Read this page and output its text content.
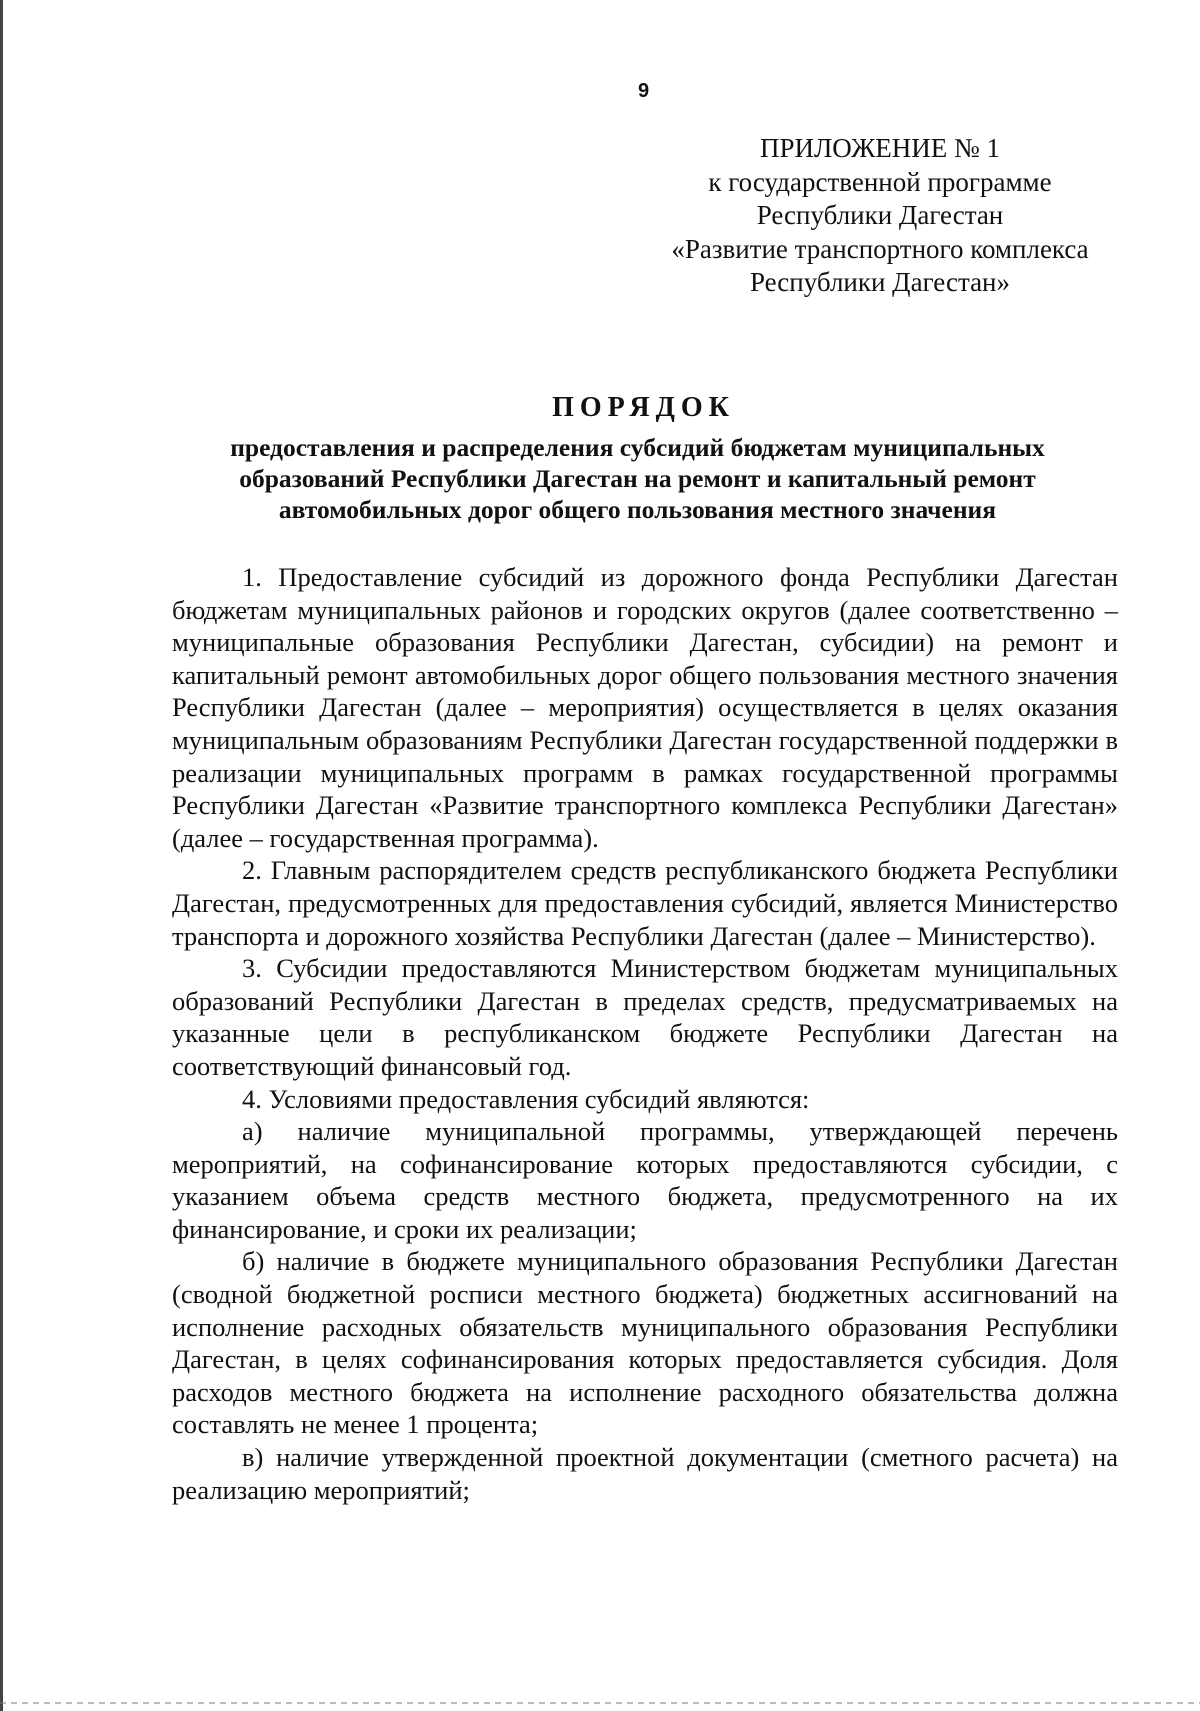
9
ПРИЛОЖЕНИЕ № 1
к государственной программе
Республики Дагестан
«Развитие транспортного комплекса
Республики Дагестан»
ПОРЯДОК
предоставления и распределения субсидий бюджетам муниципальных
образований Республики Дагестан на ремонт и капитальный ремонт
автомобильных дорог общего пользования местного значения

1. Предоставление субсидий из дорожного фонда Республики Дагестан бюджетам муниципальных районов и городских округов (далее соответственно – муниципальные образования Республики Дагестан, субсидии) на ремонт и капитальный ремонт автомобильных дорог общего пользования местного значения Республики Дагестан (далее – мероприятия) осуществляется в целях оказания муниципальным образованиям Республики Дагестан государственной поддержки в реализации муниципальных программ в рамках государственной программы Республики Дагестан «Развитие транспортного комплекса Республики Дагестан» (далее – государственная программа).

2. Главным распорядителем средств республиканского бюджета Республики Дагестан, предусмотренных для предоставления субсидий, является Министерство транспорта и дорожного хозяйства Республики Дагестан (далее – Министерство).

3. Субсидии предоставляются Министерством бюджетам муниципальных образований Республики Дагестан в пределах средств, предусматриваемых на указанные цели в республиканском бюджете Республики Дагестан на соответствующий финансовый год.

4. Условиями предоставления субсидий являются:

а) наличие муниципальной программы, утверждающей перечень мероприятий, на софинансирование которых предоставляются субсидии, с указанием объема средств местного бюджета, предусмотренного на их финансирование, и сроки их реализации;

б) наличие в бюджете муниципального образования Республики Дагестан (сводной бюджетной росписи местного бюджета) бюджетных ассигнований на исполнение расходных обязательств муниципального образования Республики Дагестан, в целях софинансирования которых предоставляется субсидия. Доля расходов местного бюджета на исполнение расходного обязательства должна составлять не менее 1 процента;

в) наличие утвержденной проектной документации (сметного расчета) на реализацию мероприятий;
